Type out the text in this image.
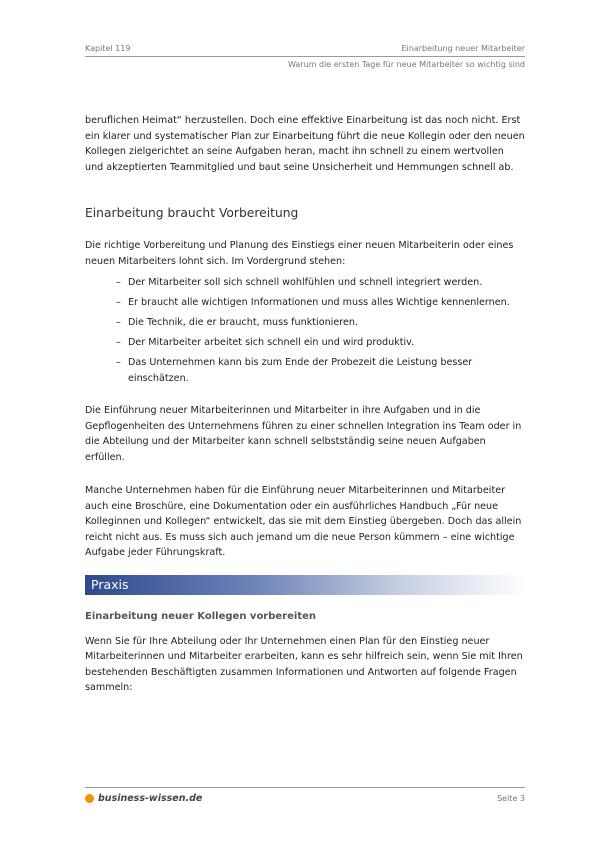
Kapitel 119	Einarbeitung neuer Mitarbeiter
Warum die ersten Tage für neue Mitarbeiter so wichtig sind

beruflichen Heimat“ herzustellen. Doch eine effektive Einarbeitung ist das noch nicht. Erst ein klarer und systematischer Plan zur Einarbeitung führt die neue Kollegin oder den neuen Kollegen zielgerichtet an seine Aufgaben heran, macht ihn schnell zu einem wertvollen und akzeptierten Teammitglied und baut seine Unsicherheit und Hemmungen schnell ab.

Einarbeitung braucht Vorbereitung

Die richtige Vorbereitung und Planung des Einstiegs einer neuen Mitarbeiterin oder eines neuen Mitarbeiters lohnt sich. Im Vordergrund stehen:

– Der Mitarbeiter soll sich schnell wohlfühlen und schnell integriert werden.
– Er braucht alle wichtigen Informationen und muss alles Wichtige kennenlernen.
– Die Technik, die er braucht, muss funktionieren.
– Der Mitarbeiter arbeitet sich schnell ein und wird produktiv.
– Das Unternehmen kann bis zum Ende der Probezeit die Leistung besser einschätzen.

Die Einführung neuer Mitarbeiterinnen und Mitarbeiter in ihre Aufgaben und in die Gepflogenheiten des Unternehmens führen zu einer schnellen Integration ins Team oder in die Abteilung und der Mitarbeiter kann schnell selbstständig seine neuen Aufgaben erfüllen.

Manche Unternehmen haben für die Einführung neuer Mitarbeiterinnen und Mitarbeiter auch eine Broschüre, eine Dokumentation oder ein ausführliches Handbuch „Für neue Kolleginnen und Kollegen“ entwickelt, das sie mit dem Einstieg übergeben. Doch das allein reicht nicht aus. Es muss sich auch jemand um die neue Person kümmern – eine wichtige Aufgabe jeder Führungskraft.

Praxis
Einarbeitung neuer Kollegen vorbereiten

Wenn Sie für Ihre Abteilung oder Ihr Unternehmen einen Plan für den Einstieg neuer Mitarbeiterinnen und Mitarbeiter erarbeiten, kann es sehr hilfreich sein, wenn Sie mit Ihren bestehenden Beschäftigten zusammen Informationen und Antworten auf folgende Fragen sammeln:

business-wissen.de	Seite 3
